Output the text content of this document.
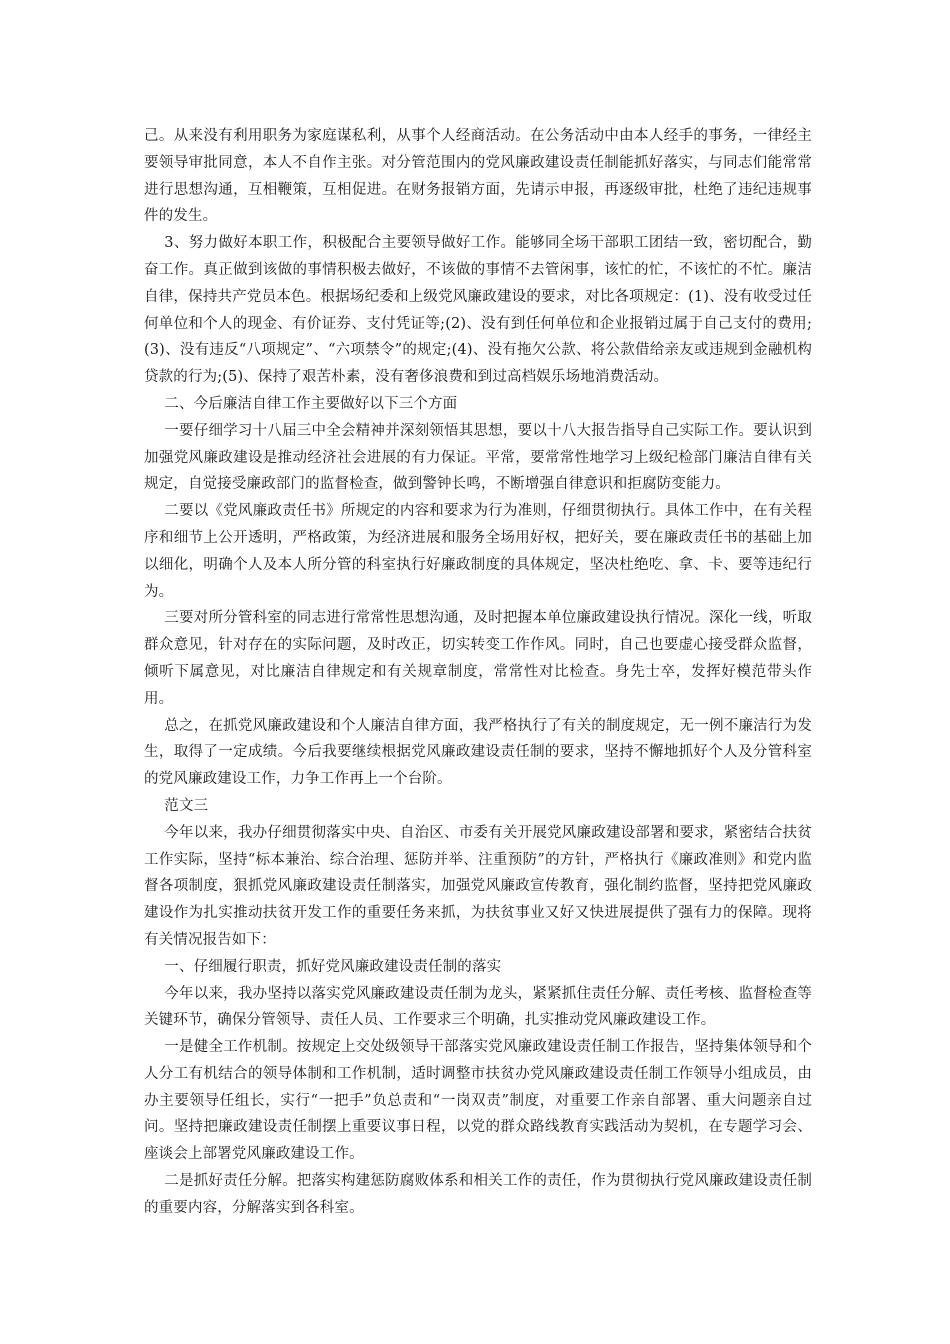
己。从来没有利用职务为家庭谋私利，从事个人经商活动。在公务活动中由本人经手的事务，一律经主要领导审批同意，本人不自作主张。对分管范围内的党风廉政建设责任制能抓好落实，与同志们能常常进行思想沟通，互相鞭策，互相促进。在财务报销方面，先请示申报，再逐级审批，杜绝了违纪违规事件的发生。

3、努力做好本职工作，积极配合主要领导做好工作。能够同全场干部职工团结一致，密切配合，勤奋工作。真正做到该做的事情积极去做好，不该做的事情不去管闲事，该忙的忙，不该忙的不忙。廉洁自律，保持共产党员本色。根据场纪委和上级党风廉政建设的要求，对比各项规定：(1)、没有收受过任何单位和个人的现金、有价证券、支付凭证等;(2)、没有到任何单位和企业报销过属于自己支付的费用;(3)、没有违反“八项规定”、“六项禁令”的规定;(4)、没有拖欠公款、将公款借给亲友或违规到金融机构贷款的行为;(5)、保持了艰苦朴素，没有奢侈浪费和到过高档娱乐场地消费活动。

二、今后廉洁自律工作主要做好以下三个方面

一要仔细学习十八届三中全会精神并深刻领悟其思想，要以十八大报告指导自己实际工作。要认识到加强党风廉政建设是推动经济社会进展的有力保证。平常，要常常性地学习上级纪检部门廉洁自律有关规定，自觉接受廉政部门的监督检查，做到警钟长鸣，不断增强自律意识和拒腐防变能力。

二要以《党风廉政责任书》所规定的内容和要求为行为准则，仔细贯彻执行。具体工作中，在有关程序和细节上公开透明，严格政策，为经济进展和服务全场用好权，把好关，要在廉政责任书的基础上加以细化，明确个人及本人所分管的科室执行好廉政制度的具体规定，坚决杜绝吃、拿、卡、要等违纪行为。

三要对所分管科室的同志进行常常性思想沟通，及时把握本单位廉政建设执行情况。深化一线，听取群众意见，针对存在的实际问题，及时改正，切实转变工作作风。同时，自己也要虚心接受群众监督，倾听下属意见，对比廉洁自律规定和有关规章制度，常常性对比检查。身先士卒，发挥好模范带头作用。

总之，在抓党风廉政建设和个人廉洁自律方面，我严格执行了有关的制度规定，无一例不廉洁行为发生，取得了一定成绩。今后我要继续根据党风廉政建设责任制的要求，坚持不懈地抓好个人及分管科室的党风廉政建设工作，力争工作再上一个台阶。

范文三

今年以来，我办仔细贯彻落实中央、自治区、市委有关开展党风廉政建设部署和要求，紧密结合扶贫工作实际，坚持“标本兼治、综合治理、惩防并举、注重预防”的方针，严格执行《廉政准则》和党内监督各项制度，狠抓党风廉政建设责任制落实，加强党风廉政宣传教育，强化制约监督，坚持把党风廉政建设作为扎实推动扶贫开发工作的重要任务来抓，为扶贫事业又好又快进展提供了强有力的保障。现将有关情况报告如下：

一、仔细履行职责，抓好党风廉政建设责任制的落实

今年以来，我办坚持以落实党风廉政建设责任制为龙头，紧紧抓住责任分解、责任考核、监督检查等关键环节，确保分管领导、责任人员、工作要求三个明确，扎实推动党风廉政建设工作。

一是健全工作机制。按规定上交处级领导干部落实党风廉政建设责任制工作报告，坚持集体领导和个人分工有机结合的领导体制和工作机制，适时调整市扶贫办党风廉政建设责任制工作领导小组成员，由办主要领导任组长，实行“一把手”负总责和“一岗双责”制度，对重要工作亲自部署、重大问题亲自过问。坚持把廉政建设责任制摆上重要议事日程，以党的群众路线教育实践活动为契机，在专题学习会、座谈会上部署党风廉政建设工作。

二是抓好责任分解。把落实构建惩防腐败体系和相关工作的责任，作为贯彻执行党风廉政建设责任制的重要内容，分解落实到各科室。
